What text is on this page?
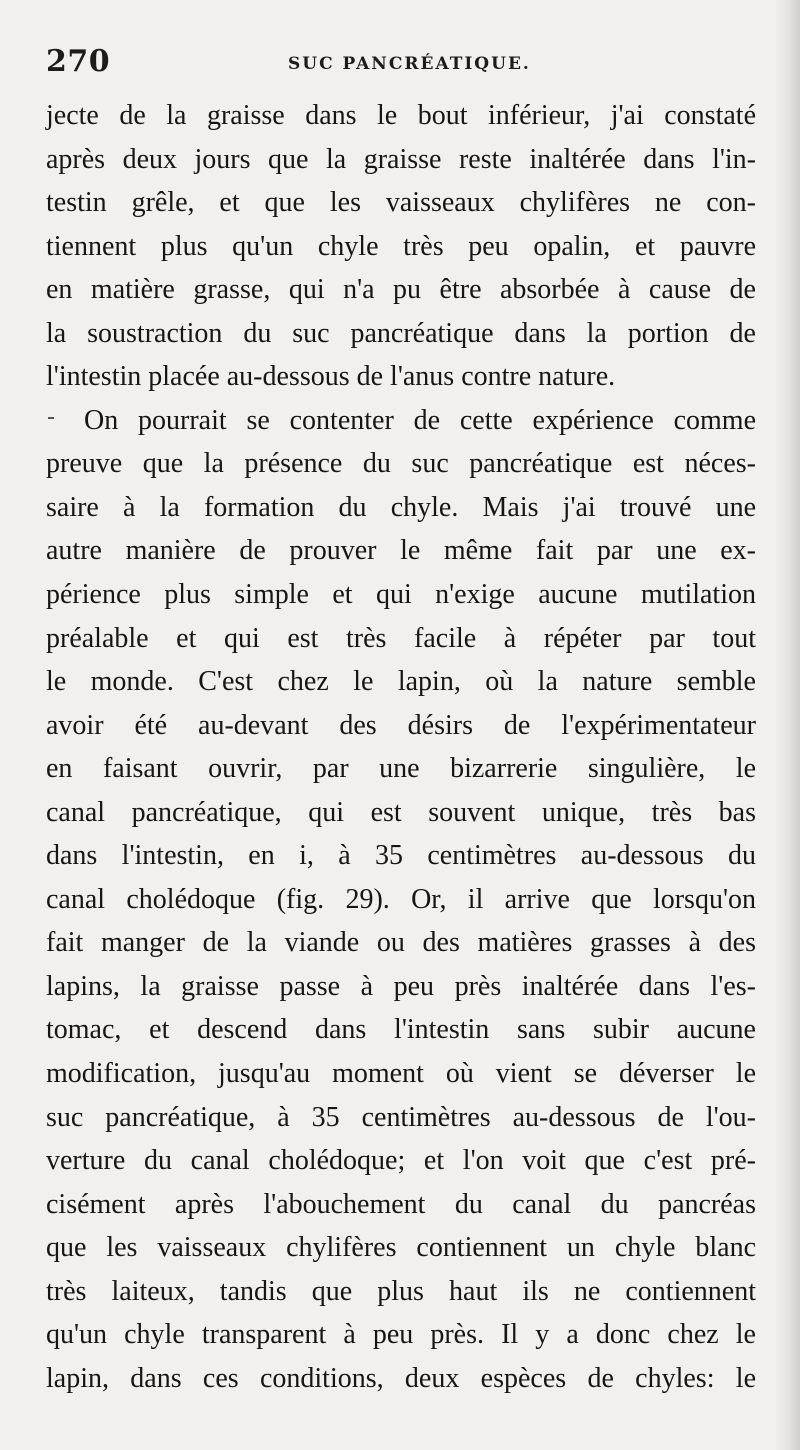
270	SUC PANCRÉATIQUE.
jecte de la graisse dans le bout inférieur, j'ai constaté
après deux jours que la graisse reste inaltérée dans l'in-
testin grêle, et que les vaisseaux chylifères ne con-
tiennent plus qu'un chyle très peu opalin, et pauvre
en matière grasse, qui n'a pu être absorbée à cause de
la soustraction du suc pancréatique dans la portion de
l'intestin placée au-dessous de l'anus contre nature.
On pourrait se contenter de cette expérience comme
preuve que la présence du suc pancréatique est néces-
saire à la formation du chyle. Mais j'ai trouvé une
autre manière de prouver le même fait par une ex-
périence plus simple et qui n'exige aucune mutilation
préalable et qui est très facile à répéter par tout
le monde. C'est chez le lapin, où la nature semble
avoir été au-devant des désirs de l'expérimentateur
en faisant ouvrir, par une bizarrerie singulière, le
canal pancréatique, qui est souvent unique, très bas
dans l'intestin, en i, à 35 centimètres au-dessous du
canal cholédoque (fig. 29). Or, il arrive que lorsqu'on
fait manger de la viande ou des matières grasses à des
lapins, la graisse passe à peu près inaltérée dans l'es-
tomac, et descend dans l'intestin sans subir aucune
modification, jusqu'au moment où vient se déverser le
suc pancréatique, à 35 centimètres au-dessous de l'ou-
verture du canal cholédoque; et l'on voit que c'est pré-
cisément après l'abouchement du canal du pancréas
que les vaisseaux chylifères contiennent un chyle blanc
très laiteux, tandis que plus haut ils ne contiennent
qu'un chyle transparent à peu près. Il y a donc chez le
lapin, dans ces conditions, deux espèces de chyles: le
